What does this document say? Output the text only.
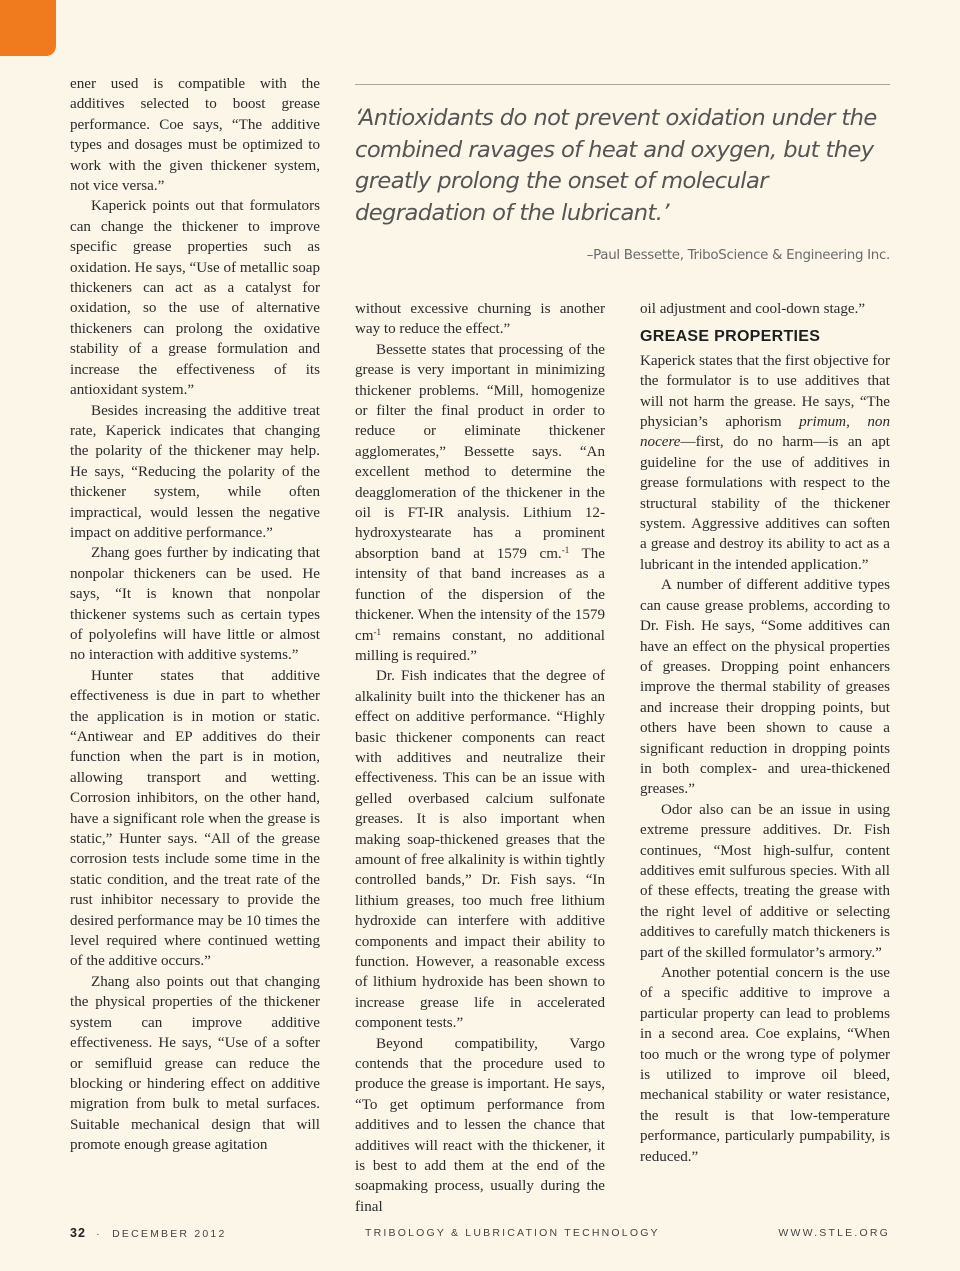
ener used is compatible with the additives selected to boost grease performance. Coe says, “The additive types and dosages must be optimized to work with the given thickener system, not vice versa.”

Kaperick points out that formulators can change the thickener to improve specific grease properties such as oxidation. He says, “Use of metallic soap thickeners can act as a catalyst for oxidation, so the use of alternative thickeners can prolong the oxidative stability of a grease formulation and increase the effectiveness of its antioxidant system.”

Besides increasing the additive treat rate, Kaperick indicates that changing the polarity of the thickener may help. He says, “Reducing the polarity of the thickener system, while often impractical, would lessen the negative impact on additive performance.”

Zhang goes further by indicating that nonpolar thickeners can be used. He says, “It is known that nonpolar thickener systems such as certain types of polyolefins will have little or almost no interaction with additive systems.”

Hunter states that additive effectiveness is due in part to whether the application is in motion or static. “Antiwear and EP additives do their function when the part is in motion, allowing transport and wetting. Corrosion inhibitors, on the other hand, have a significant role when the grease is static,” Hunter says. “All of the grease corrosion tests include some time in the static condition, and the treat rate of the rust inhibitor necessary to provide the desired performance may be 10 times the level required where continued wetting of the additive occurs.”

Zhang also points out that changing the physical properties of the thickener system can improve additive effectiveness. He says, “Use of a softer or semifluid grease can reduce the blocking or hindering effect on additive migration from bulk to metal surfaces. Suitable mechanical design that will promote enough grease agitation

‘Antioxidants do not prevent oxidation under the combined ravages of heat and oxygen, but they greatly prolong the onset of molecular degradation of the lubricant.’
–Paul Bessette, TriboScience & Engineering Inc.

without excessive churning is another way to reduce the effect.”

Bessette states that processing of the grease is very important in minimizing thickener problems. “Mill, homogenize or filter the final product in order to reduce or eliminate thickener agglomerates,” Bessette says. “An excellent method to determine the deagglomeration of the thickener in the oil is FT-IR analysis. Lithium 12-hydroxystearate has a prominent absorption band at 1579 cm.$^{-1}$ The intensity of that band increases as a function of the dispersion of the thickener. When the intensity of the 1579 $cm^{-1}$ remains constant, no additional milling is required.”

Dr. Fish indicates that the degree of alkalinity built into the thickener has an effect on additive performance. “Highly basic thickener components can react with additives and neutralize their effectiveness. This can be an issue with gelled overbased calcium sulfonate greases. It is also important when making soap-thickened greases that the amount of free alkalinity is within tightly controlled bands,” Dr. Fish says. “In lithium greases, too much free lithium hydroxide can interfere with additive components and impact their ability to function. However, a reasonable excess of lithium hydroxide has been shown to increase grease life in accelerated component tests.”

Beyond compatibility, Vargo contends that the procedure used to produce the grease is important. He says, “To get optimum performance from additives and to lessen the chance that additives will react with the thickener, it is best to add them at the end of the soapmaking process, usually during the final

oil adjustment and cool-down stage.”

GREASE PROPERTIES

Kaperick states that the first objective for the formulator is to use additives that will not harm the grease. He says, “The physician’s aphorism primum, non nocere—first, do no harm—is an apt guideline for the use of additives in grease formulations with respect to the structural stability of the thickener system. Aggressive additives can soften a grease and destroy its ability to act as a lubricant in the intended application.”

A number of different additive types can cause grease problems, according to Dr. Fish. He says, “Some additives can have an effect on the physical properties of greases. Dropping point enhancers improve the thermal stability of greases and increase their dropping points, but others have been shown to cause a significant reduction in dropping points in both complex- and urea-thickened greases.”

Odor also can be an issue in using extreme pressure additives. Dr. Fish continues, “Most high-sulfur, content additives emit sulfurous species. With all of these effects, treating the grease with the right level of additive or selecting additives to carefully match thickeners is part of the skilled formulator’s armory.”

Another potential concern is the use of a specific additive to improve a particular property can lead to problems in a second area. Coe explains, “When too much or the wrong type of polymer is utilized to improve oil bleed, mechanical stability or water resistance, the result is that low-temperature performance, particularly pumpability, is reduced.”

32 · DECEMBER 2012	TRIBOLOGY & LUBRICATION TECHNOLOGY	WWW.STLE.ORG
